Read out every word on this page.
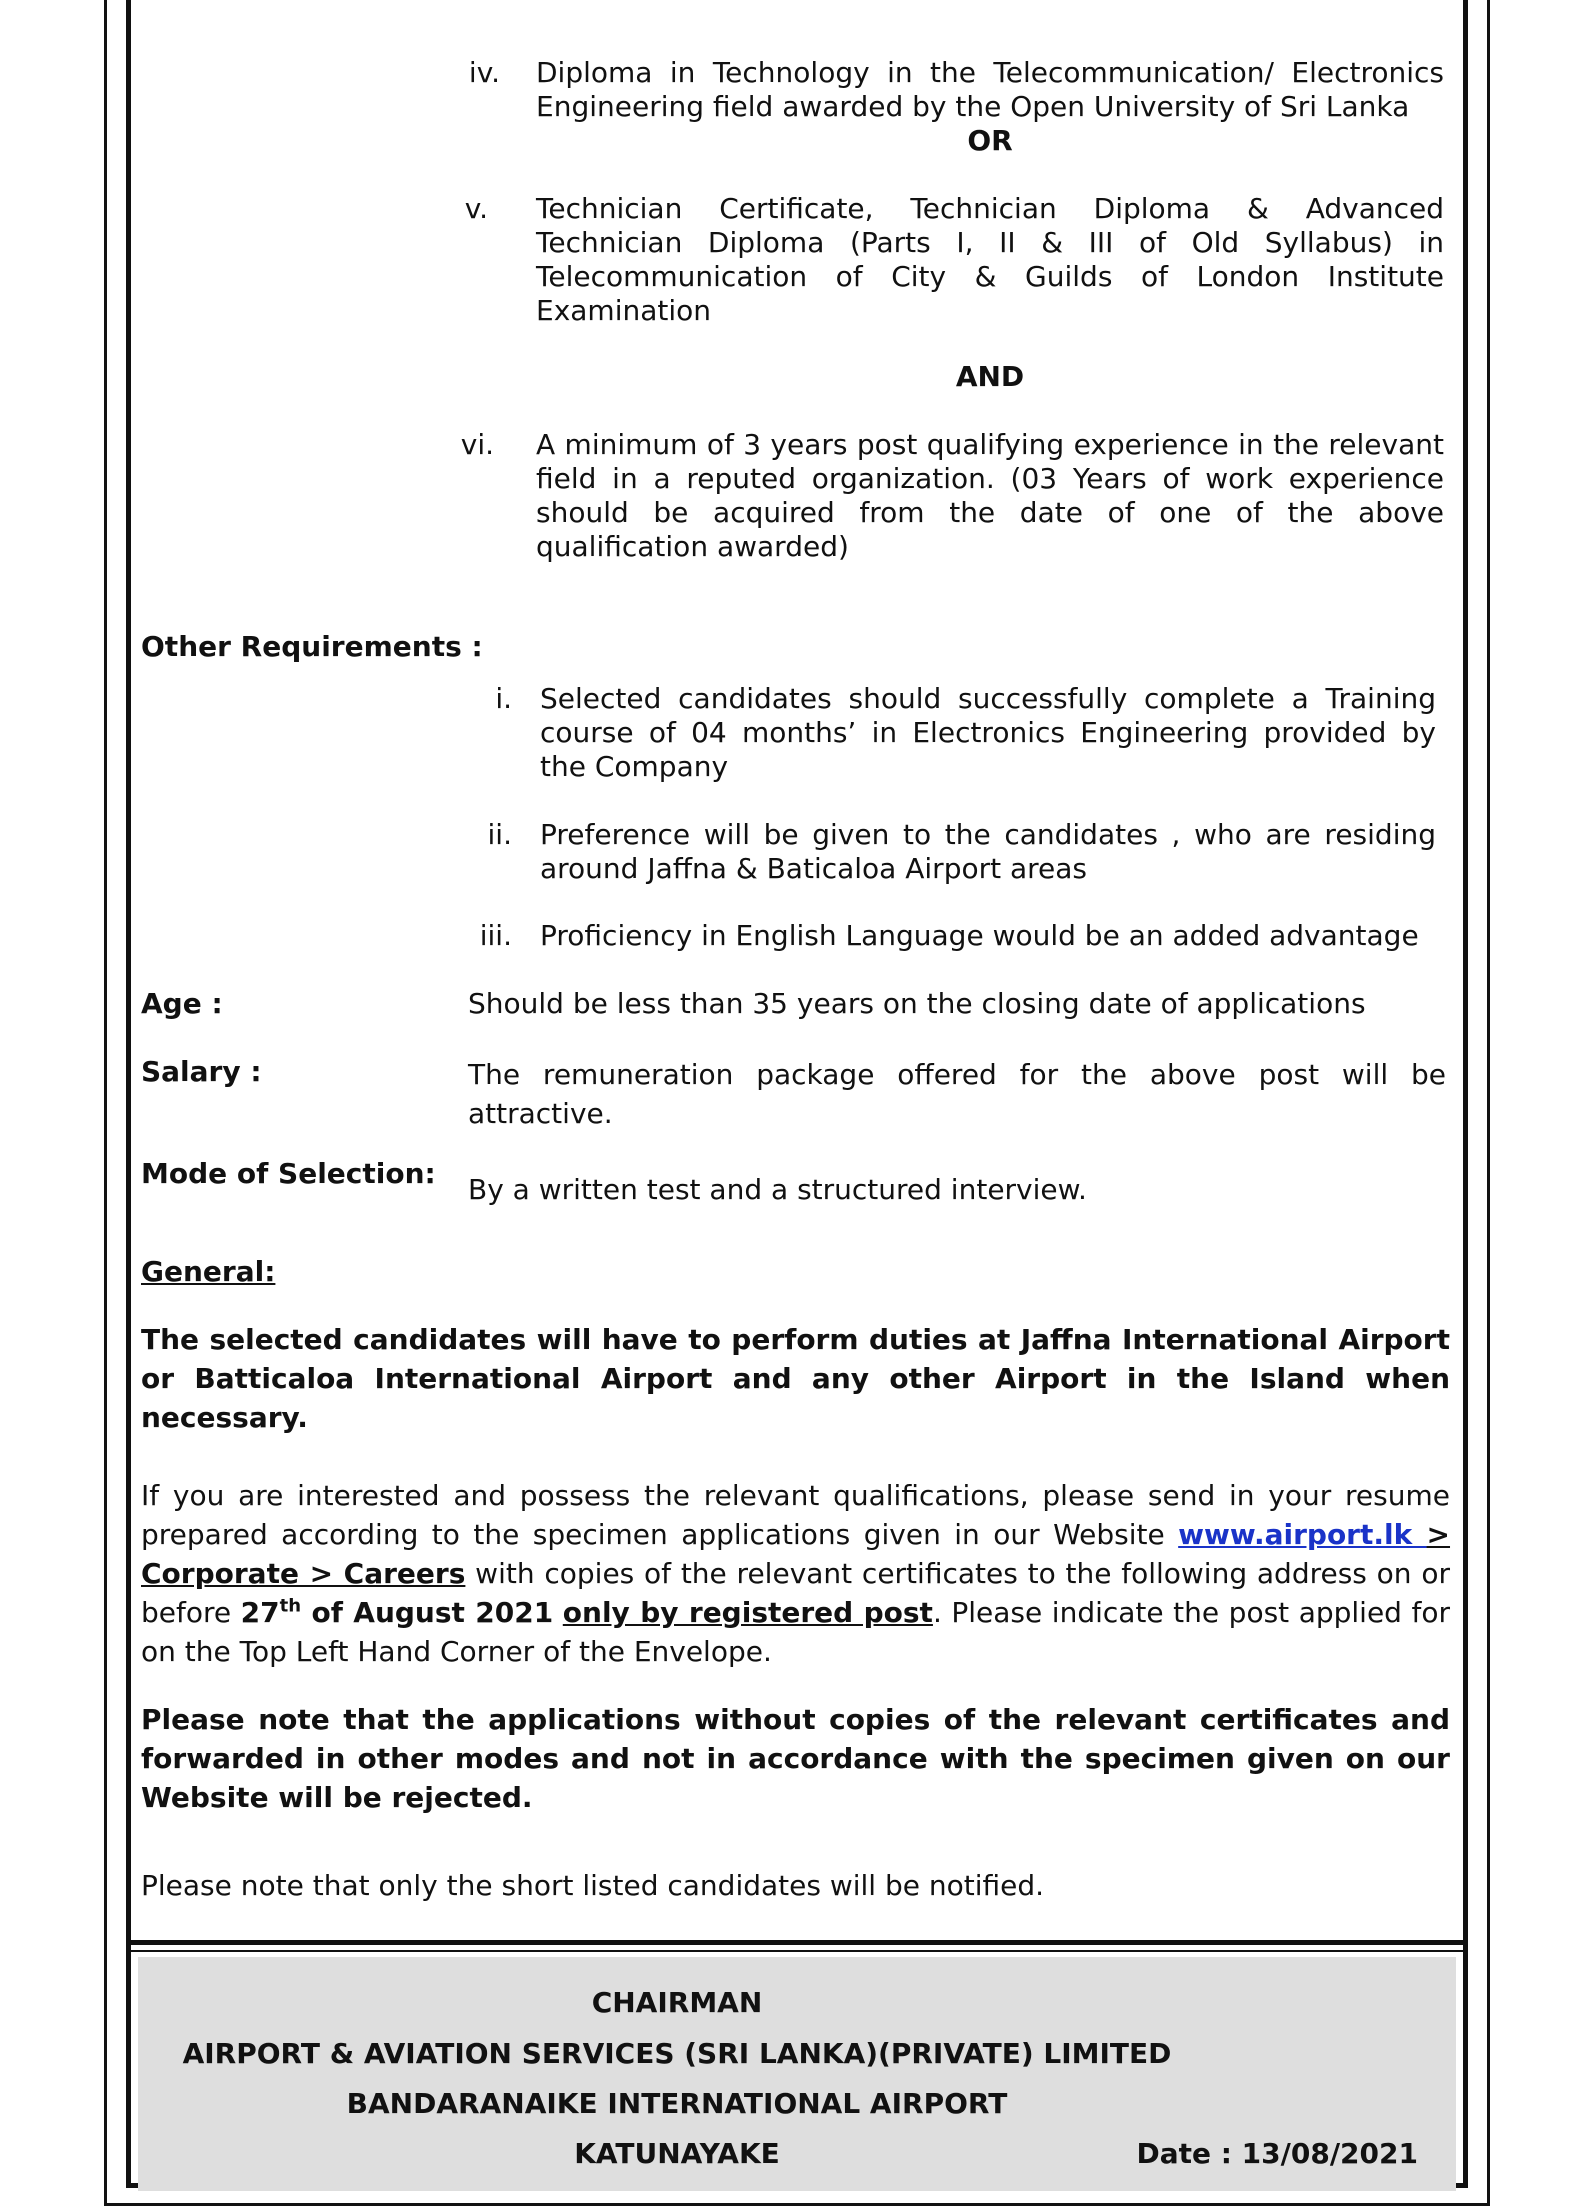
iv. Diploma in Technology in the Telecommunication/ Electronics Engineering field awarded by the Open University of Sri Lanka
OR
v. Technician Certificate, Technician Diploma & Advanced Technician Diploma (Parts I, II & III of Old Syllabus) in Telecommunication of City & Guilds of London Institute Examination
AND
vi. A minimum of 3 years post qualifying experience in the relevant field in a reputed organization. (03 Years of work experience should be acquired from the date of one of the above qualification awarded)
Other Requirements :
i. Selected candidates should successfully complete a Training course of 04 months’ in Electronics Engineering provided by the Company
ii. Preference will be given to the candidates , who are residing around Jaffna & Baticaloa Airport areas
iii. Proficiency in English Language would be an added advantage
Age :	Should be less than 35 years on the closing date of applications
Salary :	The remuneration package offered for the above post will be attractive.
Mode of Selection: By a written test and a structured interview.
General:
The selected candidates will have to perform duties at Jaffna International Airport or Batticaloa International Airport and any other Airport in the Island when necessary.
If you are interested and possess the relevant qualifications, please send in your resume prepared according to the specimen applications given in our Website www.airport.lk > Corporate > Careers with copies of the relevant certificates to the following address on or before 27th of August 2021 only by registered post. Please indicate the post applied for on the Top Left Hand Corner of the Envelope.
Please note that the applications without copies of the relevant certificates and forwarded in other modes and not in accordance with the specimen given on our Website will be rejected.
Please note that only the short listed candidates will be notified.
CHAIRMAN
AIRPORT & AVIATION SERVICES (SRI LANKA)(PRIVATE) LIMITED
BANDARANAIKE INTERNATIONAL AIRPORT
KATUNAYAKE	Date : 13/08/2021
